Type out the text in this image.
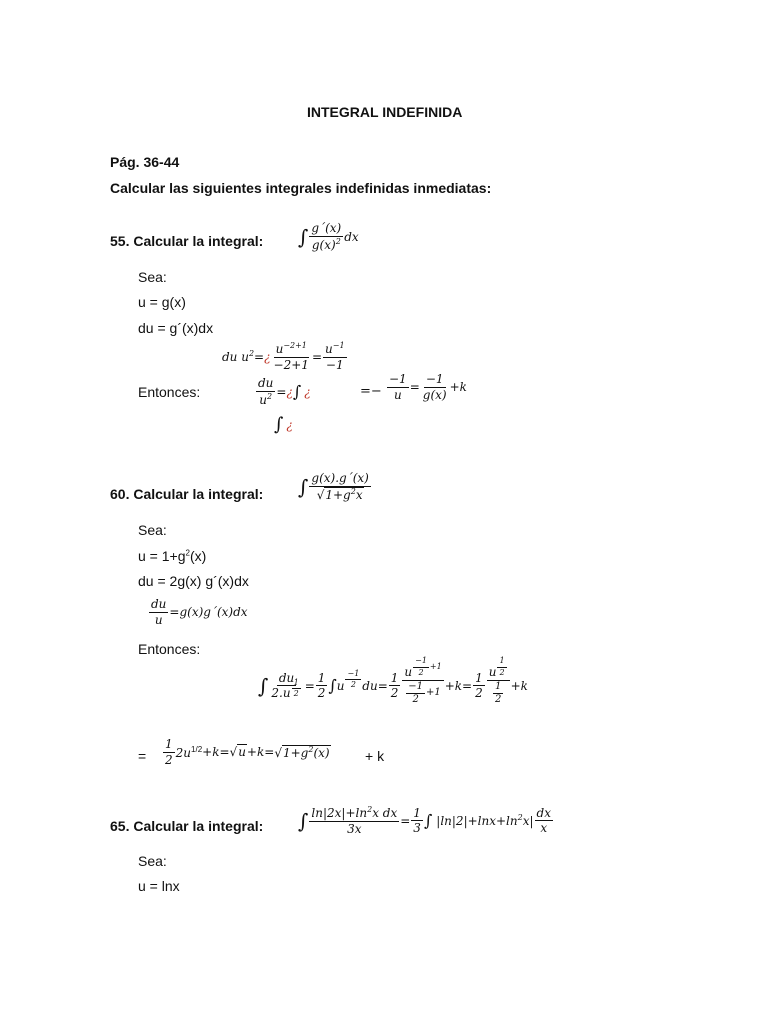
INTEGRAL INDEFINIDA
Pág. 36-44
Calcular las siguientes integrales indefinidas inmediatas:
55. Calcular la integral: ∫ $\frac{g´(x)}{g(x)^2}$ dx
Sea:
u = g(x)
du = g´(x)dx
du $u^2$ = ¿ $\frac{u^{-2+1}}{-2+1} = \frac{u^{-1}}{-1}$
Entonces:	$\frac{du}{u^2}$ = ¿ ∫ ¿	=− $\frac{-1}{u} = \frac{-1}{g(x)} +k$
∫ ¿
60. Calcular la integral: ∫ $\frac{g(x).g´(x)}{√1+g^2x}$
Sea:
$u = 1+g^2(x)$
du = 2g(x) g´(x)dx
$\frac{du}{u}$ =g(x)g´(x)dx
Entonces:
∫ $\frac{du}{2.u \frac{1}{2}} = \frac{1}{2}$ ∫ u $\frac{-1}{2} du= \frac{1}{2} \frac{u \frac{-1}{2} +1}{\frac{-1}{2} +1} +k= \frac{1}{2} \frac{u \frac{1}{2}}{\frac{1}{2}} +k$
= $\frac{1}{2} 2u^{1/2} +k= √u +k= √1+g^2(x)$	+ k
65. Calcular la integral: ∫ $\frac{\ln|2x|+\ln^2x dx}{3x} = \frac{1}{3}$ ∫ $|\ln|2|+\ln x+\ln^2x| \frac{dx}{x}$
Sea:
u = lnx
